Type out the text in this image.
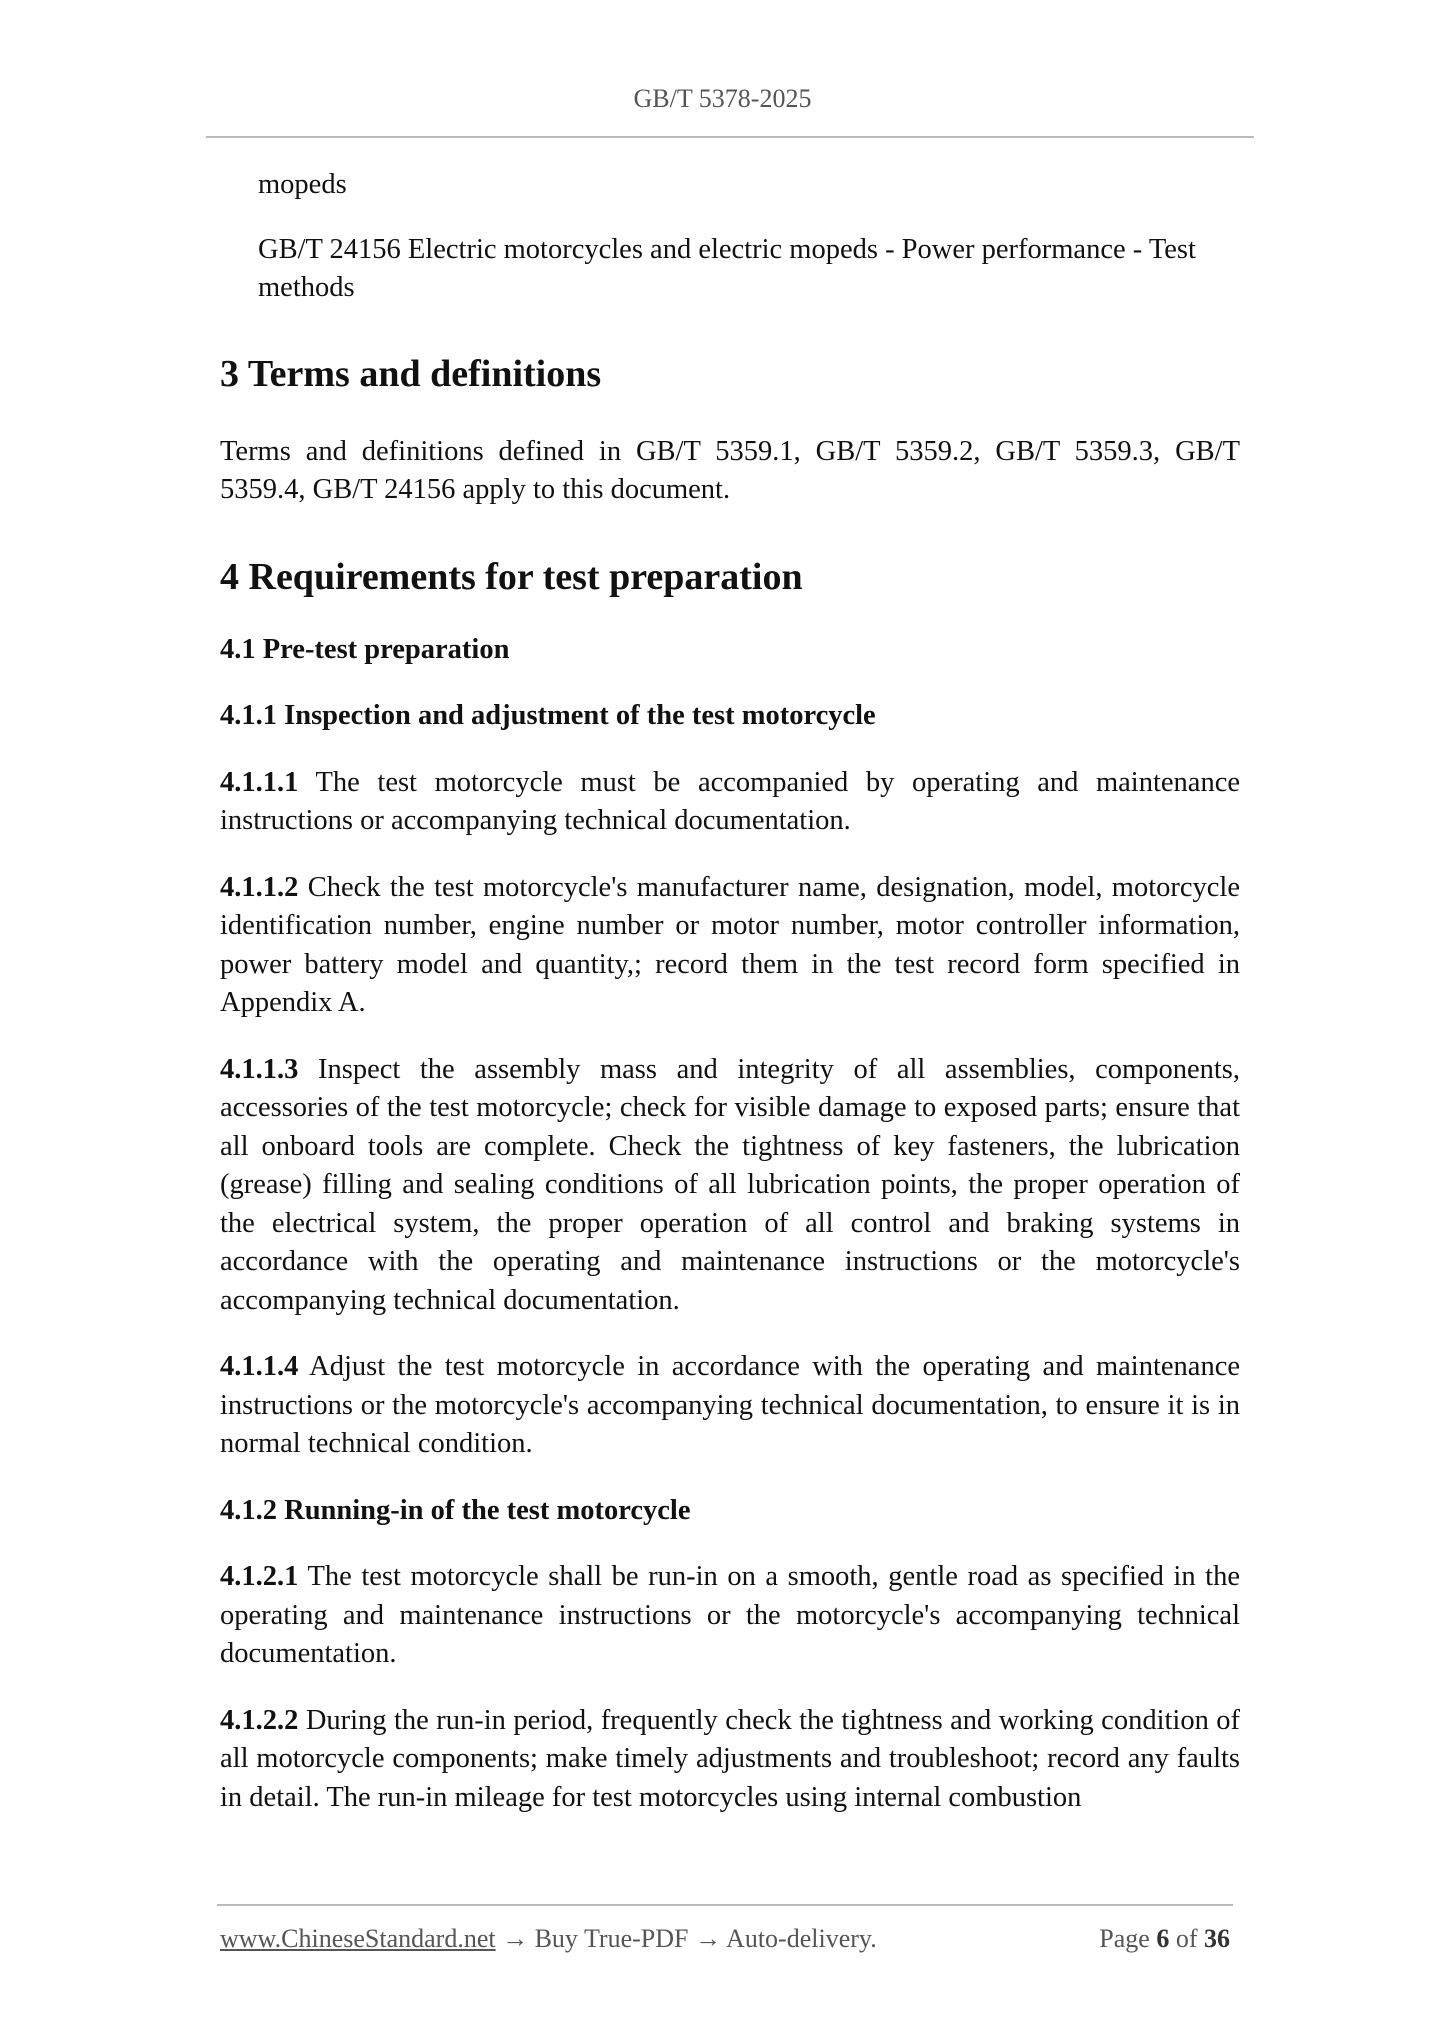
GB/T 5378-2025
mopeds
GB/T 24156 Electric motorcycles and electric mopeds - Power performance - Test methods
3 Terms and definitions

Terms and definitions defined in GB/T 5359.1, GB/T 5359.2, GB/T 5359.3, GB/T 5359.4, GB/T 24156 apply to this document.

4 Requirements for test preparation
4.1 Pre-test preparation
4.1.1 Inspection and adjustment of the test motorcycle

4.1.1.1 The test motorcycle must be accompanied by operating and maintenance instructions or accompanying technical documentation.

4.1.1.2 Check the test motorcycle's manufacturer name, designation, model, motorcycle identification number, engine number or motor number, motor controller information, power battery model and quantity,; record them in the test record form specified in Appendix A.

4.1.1.3 Inspect the assembly mass and integrity of all assemblies, components, accessories of the test motorcycle; check for visible damage to exposed parts; ensure that all onboard tools are complete. Check the tightness of key fasteners, the lubrication (grease) filling and sealing conditions of all lubrication points, the proper operation of the electrical system, the proper operation of all control and braking systems in accordance with the operating and maintenance instructions or the motorcycle's accompanying technical documentation.

4.1.1.4 Adjust the test motorcycle in accordance with the operating and maintenance instructions or the motorcycle's accompanying technical documentation, to ensure it is in normal technical condition.

4.1.2 Running-in of the test motorcycle

4.1.2.1 The test motorcycle shall be run-in on a smooth, gentle road as specified in the operating and maintenance instructions or the motorcycle's accompanying technical documentation.

4.1.2.2 During the run-in period, frequently check the tightness and working condition of all motorcycle components; make timely adjustments and troubleshoot; record any faults in detail. The run-in mileage for test motorcycles using internal combustion

www.ChineseStandard.net → Buy True-PDF → Auto-delivery.	Page 6 of 36
